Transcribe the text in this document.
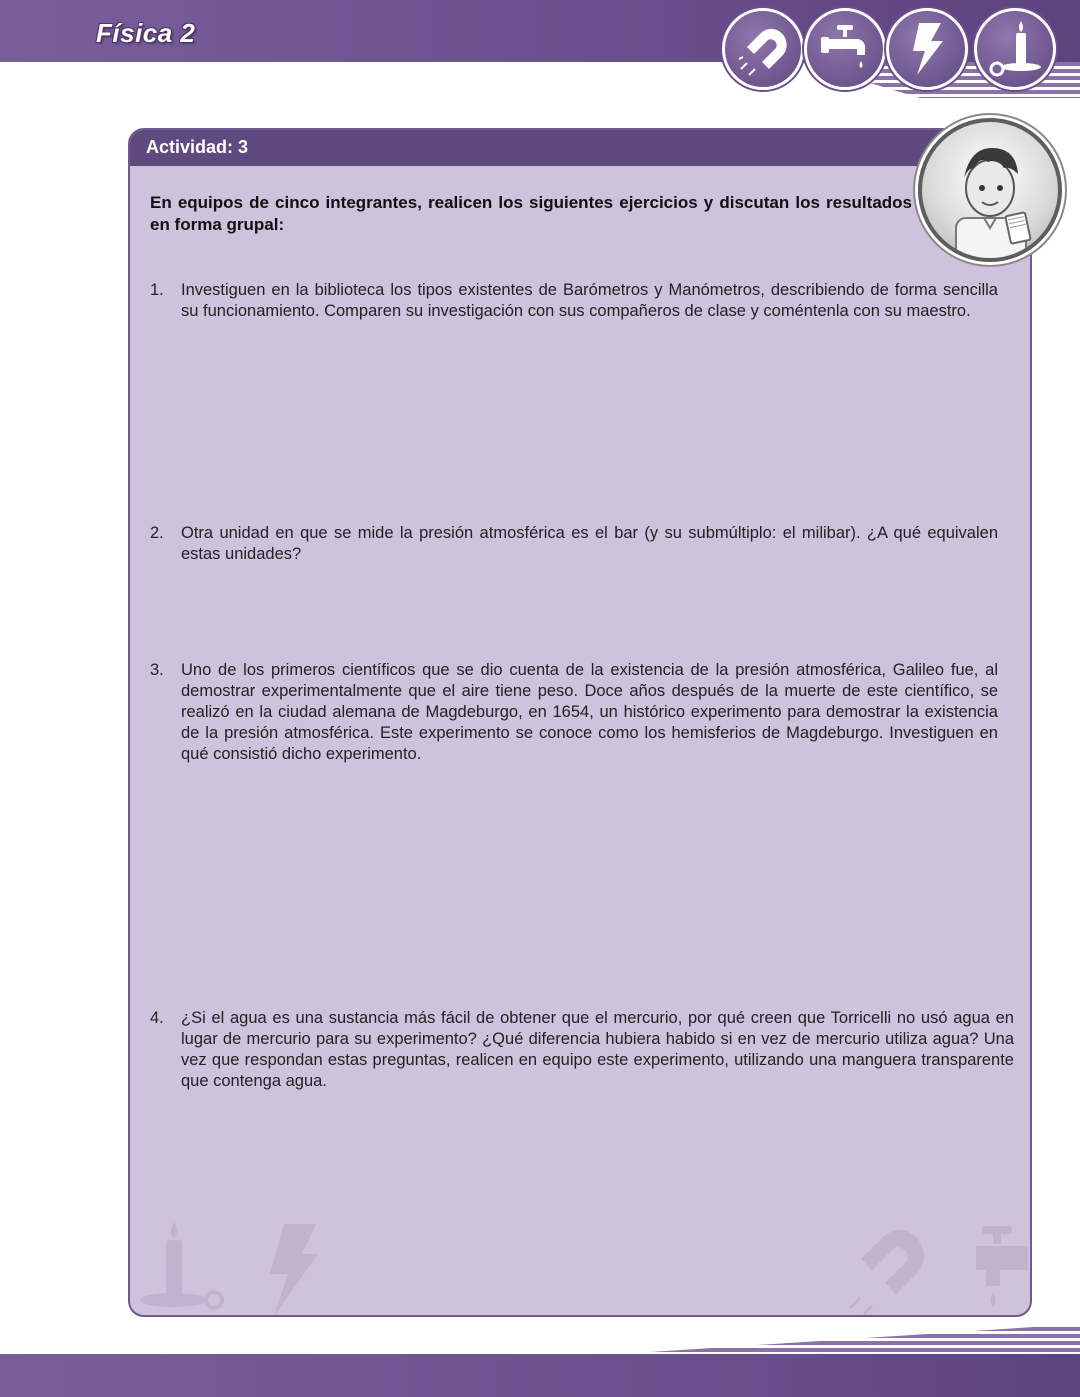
Física 2
Actividad: 3
En equipos de cinco integrantes, realicen los siguientes ejercicios y discutan los resultados en forma grupal:
1.	Investiguen en la biblioteca los tipos existentes de Barómetros y Manómetros, describiendo de forma sencilla su funcionamiento. Comparen su investigación con sus compañeros de clase y coméntenla con su maestro.
2.	Otra unidad en que se mide la presión atmosférica es el bar (y su submúltiplo: el milibar). ¿A qué equivalen estas unidades?
3.	Uno de los primeros científicos que se dio cuenta de la existencia de la presión atmosférica, Galileo fue, al demostrar experimentalmente que el aire tiene peso. Doce años después de la muerte de este científico, se realizó en la ciudad alemana de Magdeburgo, en 1654, un histórico experimento para demostrar la existencia de la presión atmosférica. Este experimento se conoce como los hemisferios de Magdeburgo. Investiguen en qué consistió dicho experimento.
4.	¿Si el agua es una sustancia más fácil de obtener que el mercurio, por qué creen que Torricelli no usó agua en lugar de mercurio para su experimento? ¿Qué diferencia hubiera habido si en vez de mercurio utiliza agua? Una vez que respondan estas preguntas, realicen en equipo este experimento, utilizando una manguera transparente que contenga agua.
